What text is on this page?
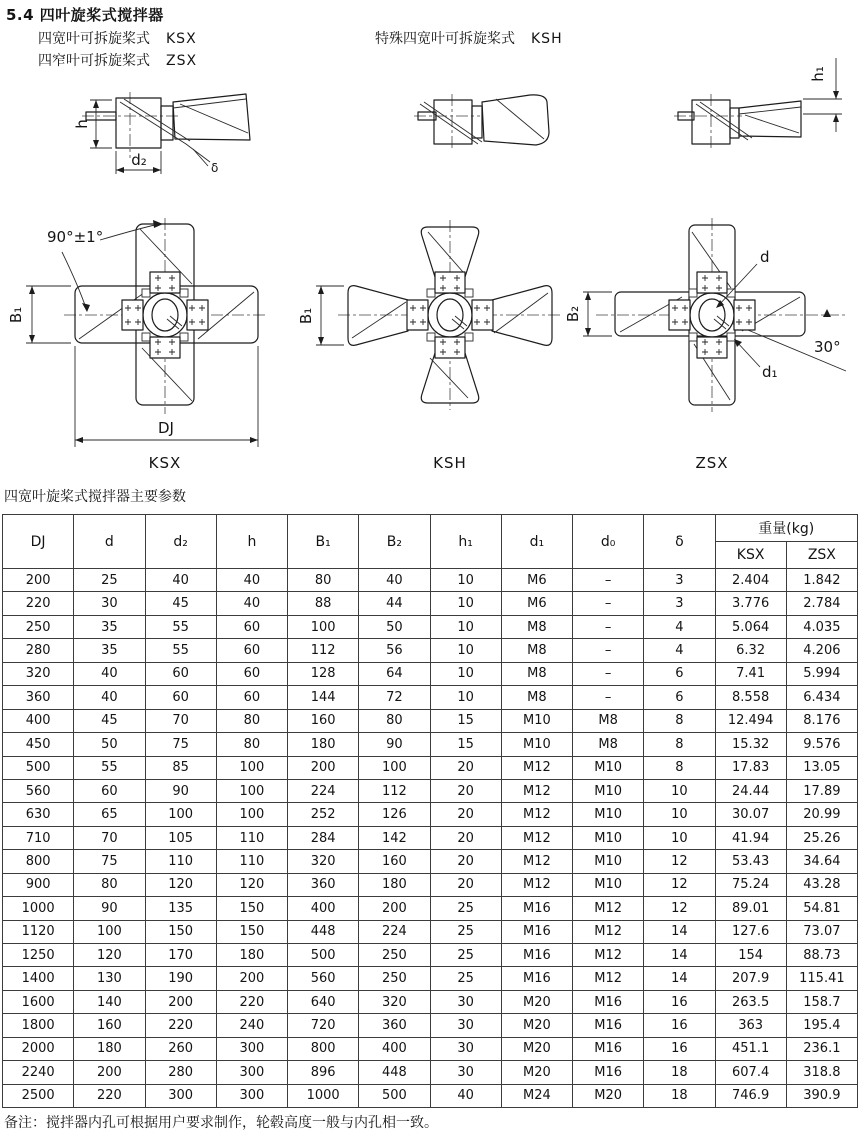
5.4 四叶旋桨式搅拌器
四宽叶可拆旋桨式 KSX	特殊四宽叶可拆旋桨式 KSH
四窄叶可拆旋桨式 ZSX
h
d₂	δ
h₁
90°±1°
B₁
DJ
KSX
B₁
KSH
30°
B₂
d
d₁
ZSX
四宽叶旋桨式搅拌器主要参数
DJ	d	d₂	h	B₁	B₂	h₁	d₁	d₀	δ	重量(kg)	
										KSX	ZSX
200	25	40	40	80	40	10	M6	–	3	2.404	1.842
220	30	45	40	88	44	10	M6	–	3	3.776	2.784
250	35	55	60	100	50	10	M8	–	4	5.064	4.035
280	35	55	60	112	56	10	M8	–	4	6.32	4.206
320	40	60	60	128	64	10	M8	–	6	7.41	5.994
360	40	60	60	144	72	10	M8	–	6	8.558	6.434
400	45	70	80	160	80	15	M10	M8	8	12.494	8.176
450	50	75	80	180	90	15	M10	M8	8	15.32	9.576
500	55	85	100	200	100	20	M12	M10	8	17.83	13.05
560	60	90	100	224	112	20	M12	M10	10	24.44	17.89
630	65	100	100	252	126	20	M12	M10	10	30.07	20.99
710	70	105	110	284	142	20	M12	M10	10	41.94	25.26
800	75	110	110	320	160	20	M12	M10	12	53.43	34.64
900	80	120	120	360	180	20	M12	M10	12	75.24	43.28
1000	90	135	150	400	200	25	M16	M12	12	89.01	54.81
1120	100	150	150	448	224	25	M16	M12	14	127.6	73.07
1250	120	170	180	500	250	25	M16	M12	14	154	88.73
1400	130	190	200	560	250	25	M16	M12	14	207.9	115.41
1600	140	200	220	640	320	30	M20	M16	16	263.5	158.7
1800	160	220	240	720	360	30	M20	M16	16	363	195.4
2000	180	260	300	800	400	30	M20	M16	16	451.1	236.1
2240	200	280	300	896	448	30	M20	M16	18	607.4	318.8
2500	220	300	300	1000	500	40	M24	M20	18	746.9	390.9
备注：搅拌器内孔可根据用户要求制作，轮毂高度一般与内孔相一致。
